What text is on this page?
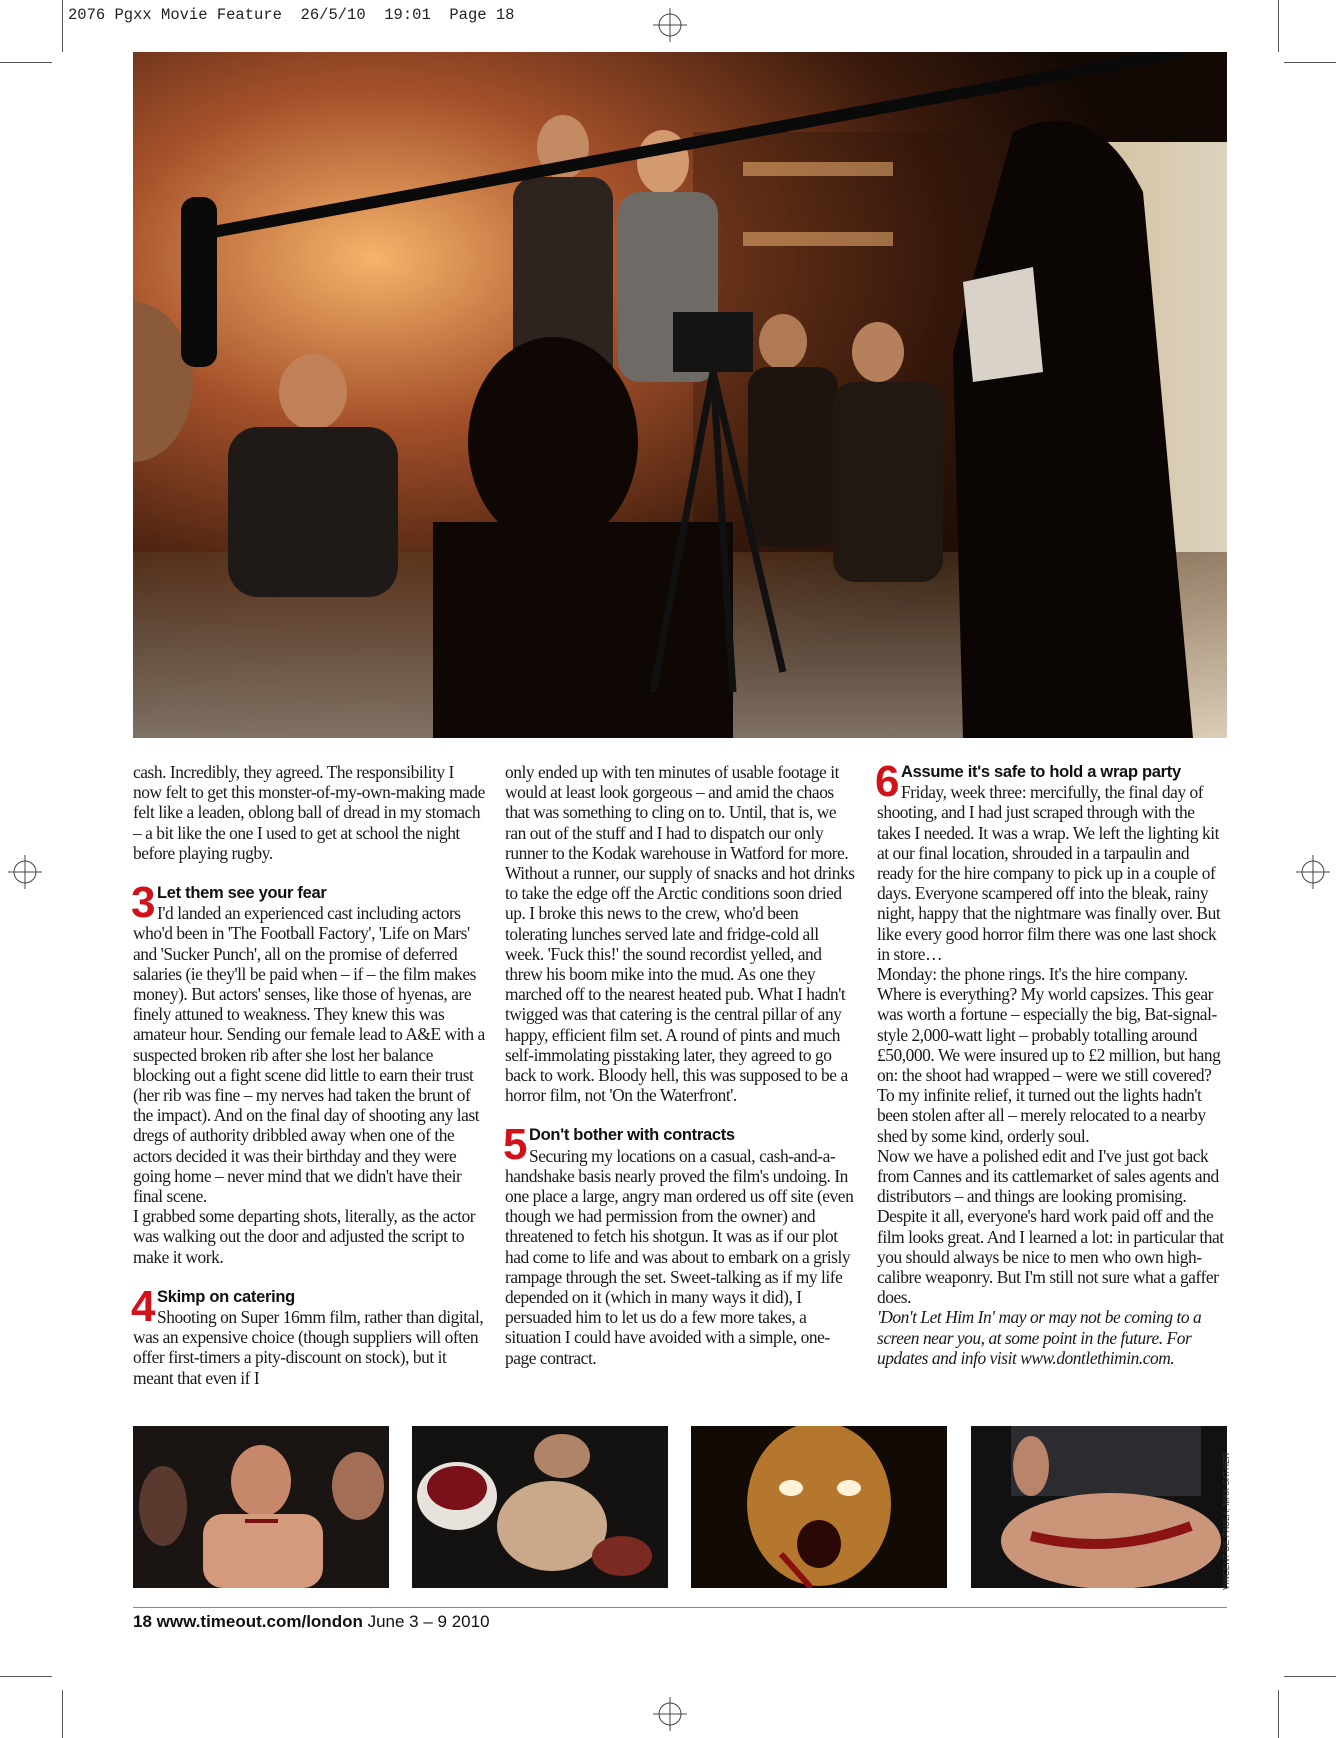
2076 Pgxx Movie Feature  26/5/10  19:01  Page 18

cash. Incredibly, they agreed. The responsibility I now felt to get this monster-of-my-own-making made felt like a leaden, oblong ball of dread in my stomach – a bit like the one I used to get at school the night before playing rugby.

3 Let them see your fear

I'd landed an experienced cast including actors who'd been in 'The Football Factory', 'Life on Mars' and 'Sucker Punch', all on the promise of deferred salaries (ie they'll be paid when – if – the film makes money). But actors' senses, like those of hyenas, are finely attuned to weakness. They knew this was amateur hour. Sending our female lead to A&E with a suspected broken rib after she lost her balance blocking out a fight scene did little to earn their trust (her rib was fine – my nerves had taken the brunt of the impact). And on the final day of shooting any last dregs of authority dribbled away when one of the actors decided it was their birthday and they were going home – never mind that we didn't have their final scene.

I grabbed some departing shots, literally, as the actor was walking out the door and adjusted the script to make it work.

4 Skimp on catering

Shooting on Super 16mm film, rather than digital, was an expensive choice (though suppliers will often offer first-timers a pity-discount on stock), but it meant that even if I

only ended up with ten minutes of usable footage it would at least look gorgeous – and amid the chaos that was something to cling on to. Until, that is, we ran out of the stuff and I had to dispatch our only runner to the Kodak warehouse in Watford for more.

Without a runner, our supply of snacks and hot drinks to take the edge off the Arctic conditions soon dried up. I broke this news to the crew, who'd been tolerating lunches served late and fridge-cold all week. 'Fuck this!' the sound recordist yelled, and threw his boom mike into the mud. As one they marched off to the nearest heated pub. What I hadn't twigged was that catering is the central pillar of any happy, efficient film set. A round of pints and much self-immolating pisstaking later, they agreed to go back to work. Bloody hell, this was supposed to be a horror film, not 'On the Waterfront'.

5 Don't bother with contracts

Securing my locations on a casual, cash-and-a-handshake basis nearly proved the film's undoing. In one place a large, angry man ordered us off site (even though we had permission from the owner) and threatened to fetch his shotgun. It was as if our plot had come to life and was about to embark on a grisly rampage through the set. Sweet-talking as if my life depended on it (which in many ways it did), I persuaded him to let us do a few more takes, a situation I could have avoided with a simple, one-page contract.

6 Assume it's safe to hold a wrap party

Friday, week three: mercifully, the final day of shooting, and I had just scraped through with the takes I needed. It was a wrap. We left the lighting kit at our final location, shrouded in a tarpaulin and ready for the hire company to pick up in a couple of days. Everyone scampered off into the bleak, rainy night, happy that the nightmare was finally over. But like every good horror film there was one last shock in store…

Monday: the phone rings. It's the hire company. Where is everything? My world capsizes. This gear was worth a fortune – especially the big, Bat-signal-style 2,000-watt light – probably totalling around £50,000. We were insured up to £2 million, but hang on: the shoot had wrapped – were we still covered? To my infinite relief, it turned out the lights hadn't been stolen after all – merely relocated to a nearby shed by some kind, orderly soul.

Now we have a polished edit and I've just got back from Cannes and its cattlemarket of sales agents and distributors – and things are looking promising. Despite it all, everyone's hard work paid off and the film looks great. And I learned a lot: in particular that you should always be nice to men who own high-calibre weaponry. But I'm still not sure what a gaffer does.

'Don't Let Him In' may or may not be coming to a screen near you, at some point in the future. For updates and info visit www.dontlethimin.com.

VINCENT DE PAULA, MAX SATHER
18 www.timeout.com/london June 3 – 9 2010
